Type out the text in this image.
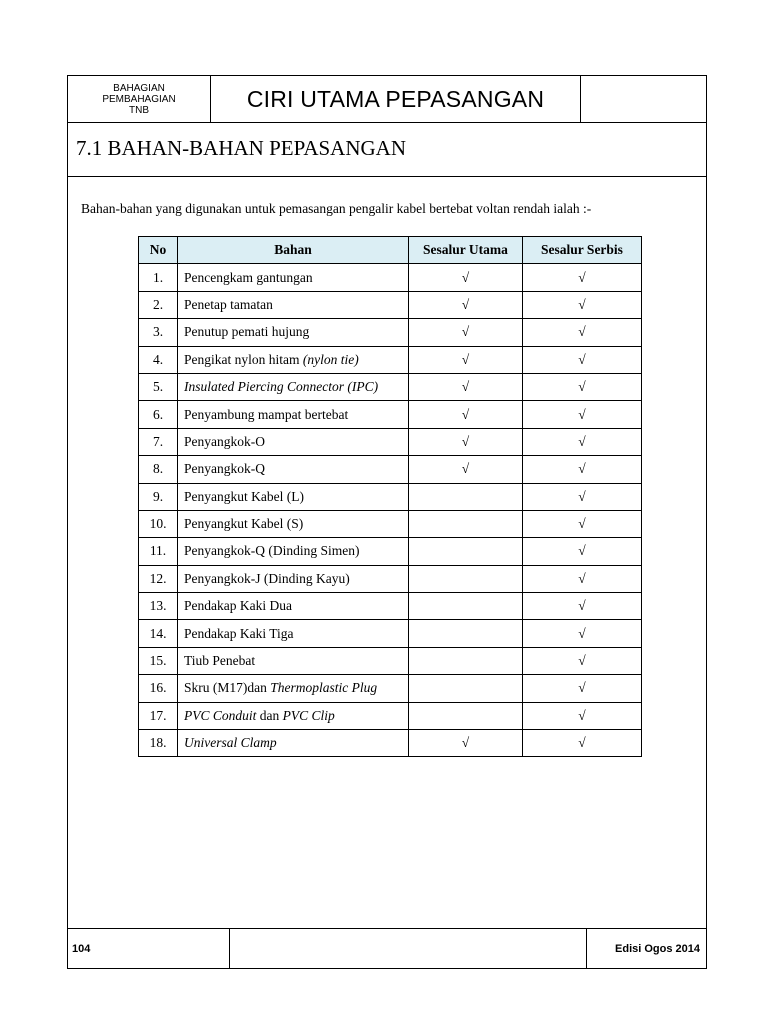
BAHAGIAN
PEMBAHAGIAN
TNB	CIRI UTAMA PEPASANGAN
7.1 BAHAN-BAHAN PEPASANGAN
Bahan-bahan yang digunakan untuk pemasangan pengalir kabel bertebat voltan rendah ialah :-
No	Bahan	Sesalur Utama	Sesalur Serbis
1.	Pencengkam gantungan	√	√
2.	Penetap tamatan	√	√
3.	Penutup pemati hujung	√	√
4.	Pengikat nylon hitam (nylon tie)	√	√
5.	Insulated Piercing Connector (IPC)	√	√
6.	Penyambung mampat bertebat	√	√
7.	Penyangkok-O	√	√
8.	Penyangkok-Q	√	√
9.	Penyangkut Kabel (L)		√
10.	Penyangkut Kabel (S)		√
11.	Penyangkok-Q (Dinding Simen)		√
12.	Penyangkok-J (Dinding Kayu)		√
13.	Pendakap Kaki Dua		√
14.	Pendakap Kaki Tiga		√
15.	Tiub Penebat		√
16.	Skru (M17)dan Thermoplastic Plug		√
17.	PVC Conduit dan PVC Clip		√
18.	Universal Clamp	√	√
104	Edisi Ogos 2014
